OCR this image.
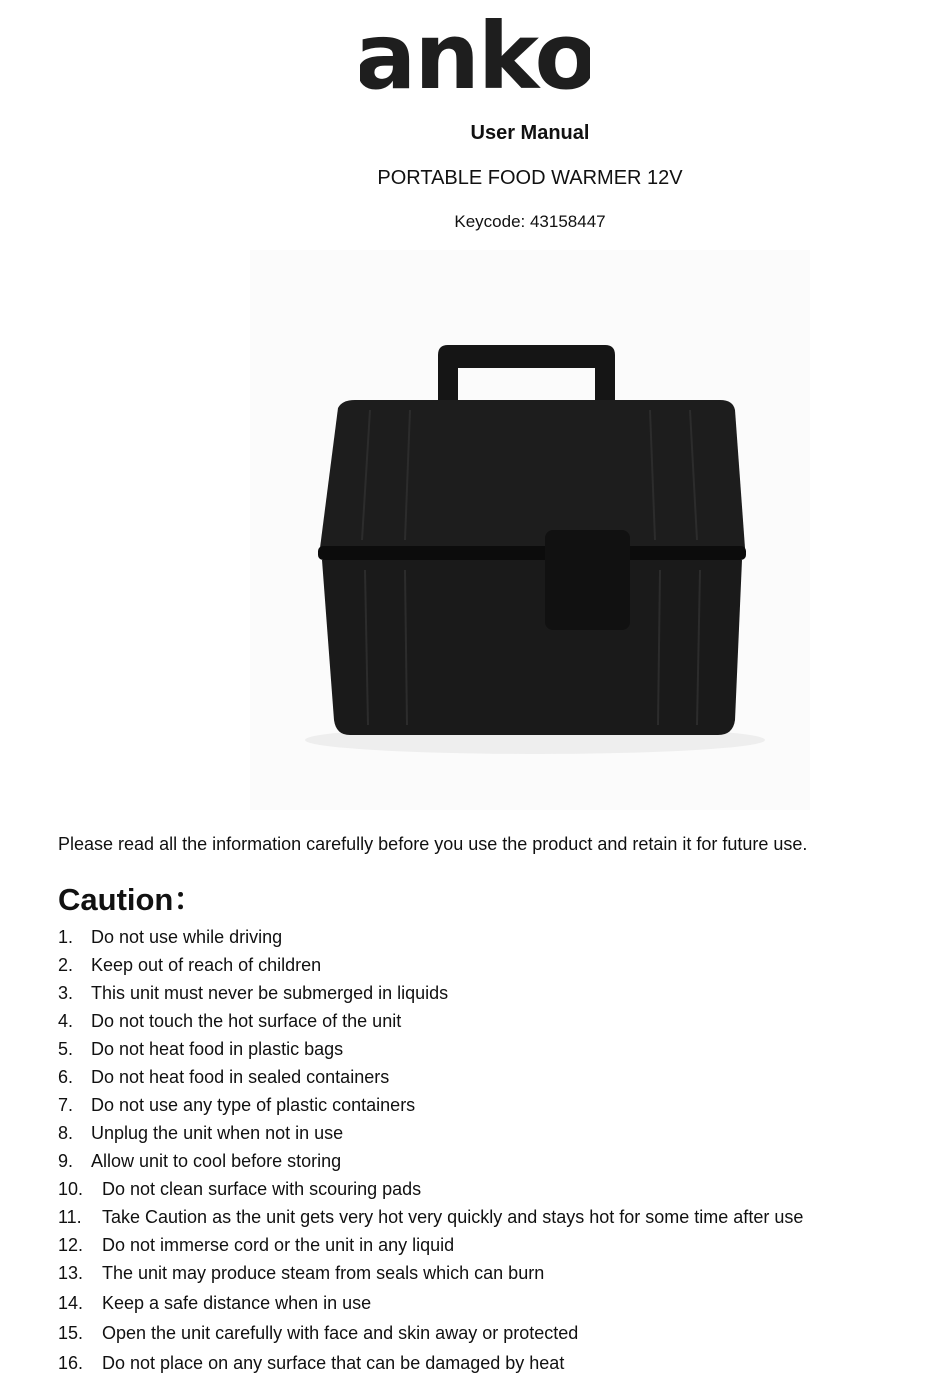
anko
User Manual
PORTABLE FOOD WARMER 12V
Keycode: 43158447
Please read all the information carefully before you use the product and retain it for future use.
Caution：
1. Do not use while driving
2. Keep out of reach of children
3. This unit must never be submerged in liquids
4. Do not touch the hot surface of the unit
5. Do not heat food in plastic bags
6. Do not heat food in sealed containers
7. Do not use any type of plastic containers
8. Unplug the unit when not in use
9. Allow unit to cool before storing
10. Do not clean surface with scouring pads
11. Take Caution as the unit gets very hot very quickly and stays hot for some time after use
12. Do not immerse cord or the unit in any liquid
13. The unit may produce steam from seals which can burn
14. Keep a safe distance when in use
15. Open the unit carefully with face and skin away or protected
16. Do not place on any surface that can be damaged by heat
